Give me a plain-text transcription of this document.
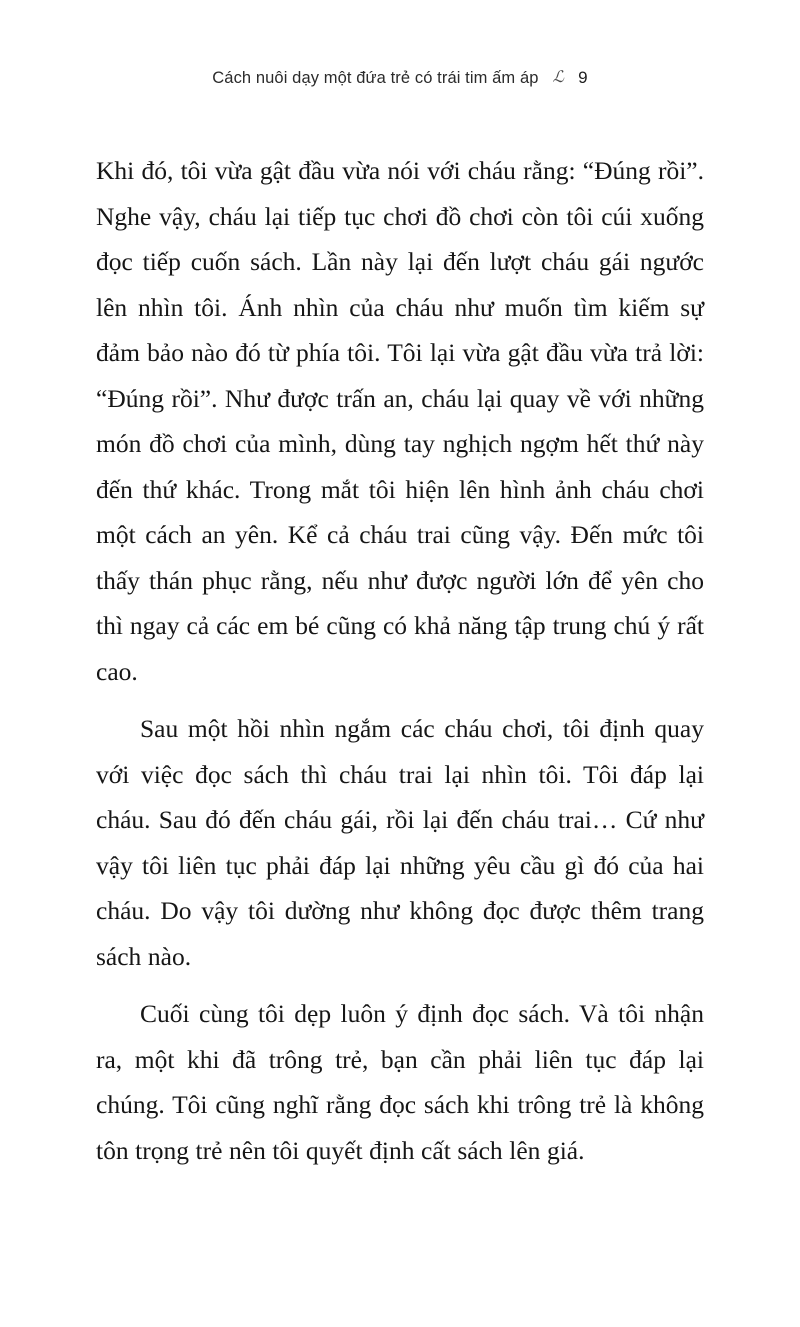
Cách nuôi dạy một đứa trẻ có trái tim ấm áp ℒ 9

Khi đó, tôi vừa gật đầu vừa nói với cháu rằng: “Đúng rồi”. Nghe vậy, cháu lại tiếp tục chơi đồ chơi còn tôi cúi xuống đọc tiếp cuốn sách. Lần này lại đến lượt cháu gái ngước lên nhìn tôi. Ánh nhìn của cháu như muốn tìm kiếm sự đảm bảo nào đó từ phía tôi. Tôi lại vừa gật đầu vừa trả lời: “Đúng rồi”. Như được trấn an, cháu lại quay về với những món đồ chơi của mình, dùng tay nghịch ngợm hết thứ này đến thứ khác. Trong mắt tôi hiện lên hình ảnh cháu chơi một cách an yên. Kể cả cháu trai cũng vậy. Đến mức tôi thấy thán phục rằng, nếu như được người lớn để yên cho thì ngay cả các em bé cũng có khả năng tập trung chú ý rất cao.

Sau một hồi nhìn ngắm các cháu chơi, tôi định quay với việc đọc sách thì cháu trai lại nhìn tôi. Tôi đáp lại cháu. Sau đó đến cháu gái, rồi lại đến cháu trai… Cứ như vậy tôi liên tục phải đáp lại những yêu cầu gì đó của hai cháu. Do vậy tôi dường như không đọc được thêm trang sách nào.

Cuối cùng tôi dẹp luôn ý định đọc sách. Và tôi nhận ra, một khi đã trông trẻ, bạn cần phải liên tục đáp lại chúng. Tôi cũng nghĩ rằng đọc sách khi trông trẻ là không tôn trọng trẻ nên tôi quyết định cất sách lên giá.
